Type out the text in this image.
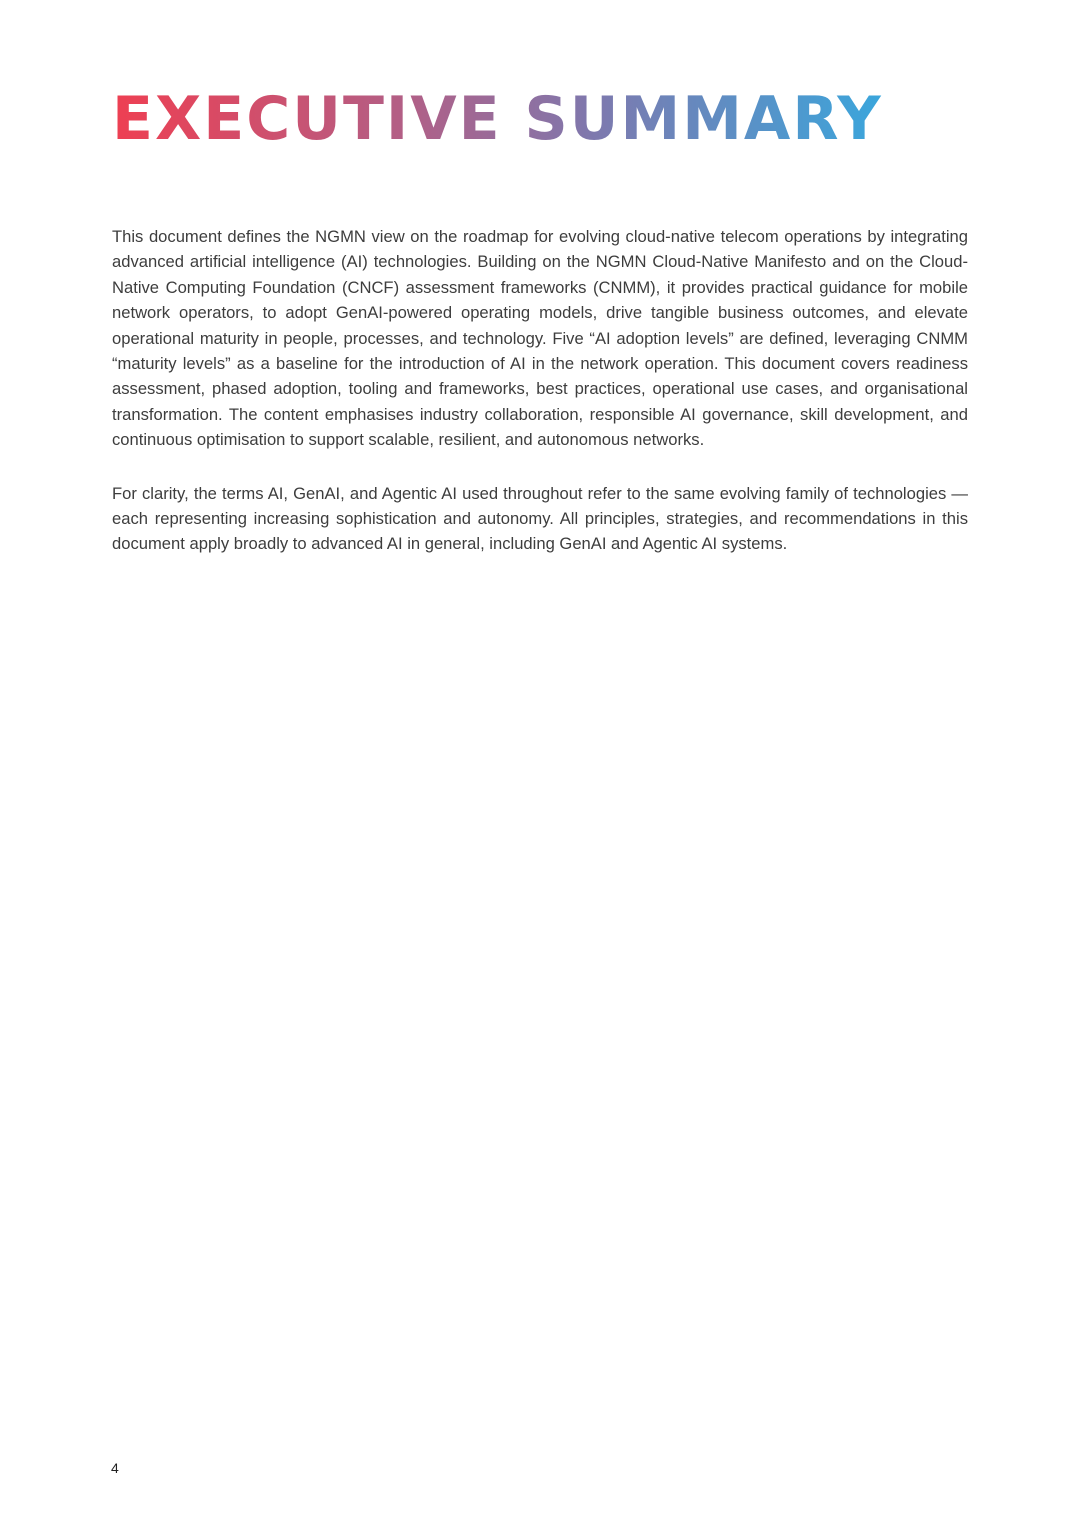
EXECUTIVE SUMMARY

This document defines the NGMN view on the roadmap for evolving cloud-native telecom operations by integrating advanced artificial intelligence (AI) technologies. Building on the NGMN Cloud-Native Manifesto and on the Cloud-Native Computing Foundation (CNCF) assessment frameworks (CNMM), it provides practical guidance for mobile network operators, to adopt GenAI-powered operating models, drive tangible business outcomes, and elevate operational maturity in people, processes, and technology. Five “AI adoption levels” are defined, leveraging CNMM “maturity levels” as a baseline for the introduction of AI in the network operation. This document covers readiness assessment, phased adoption, tooling and frameworks, best practices, operational use cases, and organisational transformation. The content emphasises industry collaboration, responsible AI governance, skill development, and continuous optimisation to support scalable, resilient, and autonomous networks.

For clarity, the terms AI, GenAI, and Agentic AI used throughout refer to the same evolving family of technologies — each representing increasing sophistication and autonomy. All principles, strategies, and recommendations in this document apply broadly to advanced AI in general, including GenAI and Agentic AI systems.

4
